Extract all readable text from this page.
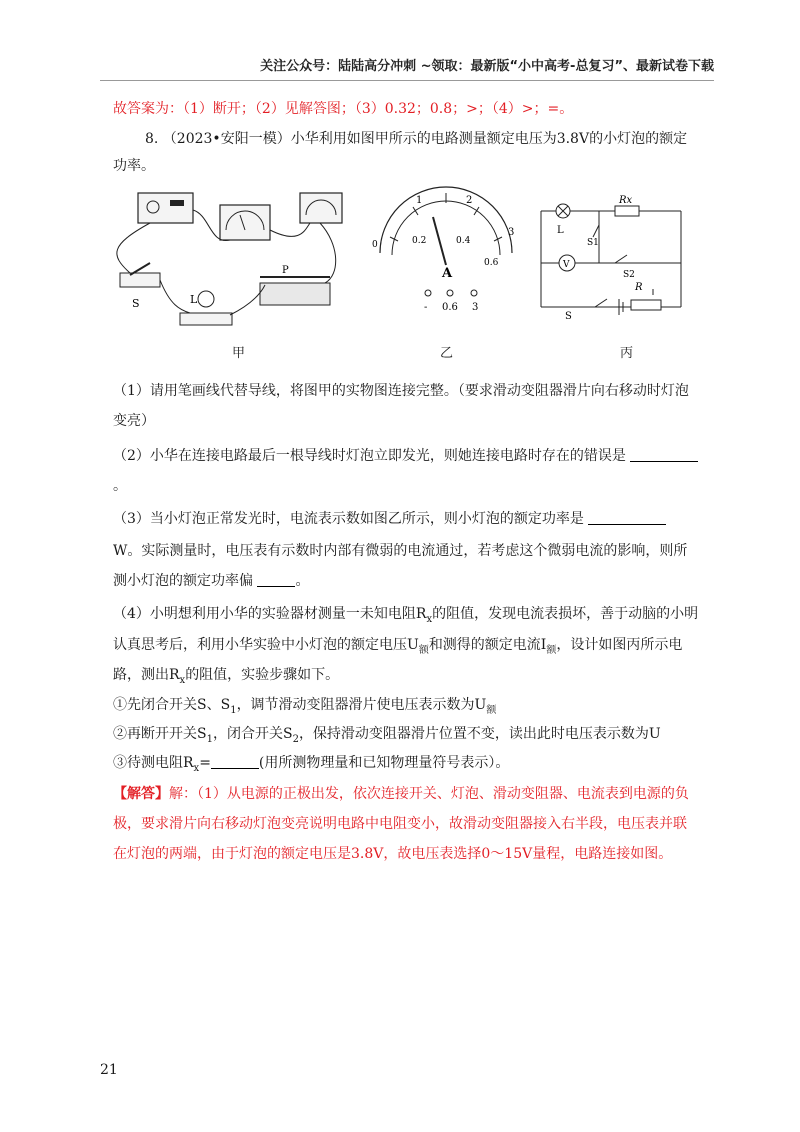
关注公众号：陆陆高分冲刺 ~领取：最新版“小中高考-总复习”、最新试卷下载
故答案为：（1）断开；（2）见解答图；（3）0.32；0.8；>；（4）>；=。
8. （2023•安阳一模）小华利用如图甲所示的电路测量额定电压为3.8V的小灯泡的额定
功率。
S	L
P
甲
1	2
3
0	0.2	0.4
0.6
A
- 0.6 3
乙
Rx
L
S1
V
S2
R
S
丙
（1）请用笔画线代替导线，将图甲的实物图连接完整。（要求滑动变阻器滑片向右移动时灯泡
变亮）
（2）小华在连接电路最后一根导线时灯泡立即发光，则她连接电路时存在的错误是
。
（3）当小灯泡正常发光时，电流表示数如图乙所示，则小灯泡的额定功率是
W。实际测量时，电压表有示数时内部有微弱的电流通过，若考虑这个微弱电流的影响，则所
测小灯泡的额定功率偏	。
（4）小明想利用小华的实验器材测量一未知电阻$R_x$的阻值，发现电流表损坏，善于动脑的小明
认真思考后，利用小华实验中小灯泡的额定电压$U_额$和测得的额定电流$I_额$，设计如图丙所示电
路，测出$R_x$的阻值，实验步骤如下。
①先闭合开关S、$S_1$，调节滑动变阻器滑片使电压表示数为$U_额$
②再断开开关$S_1$，闭合开关$S_2$，保持滑动变阻器滑片位置不变，读出此时电压表示数为U
③待测电阻$R_x=$	(用所测物理量和已知物理量符号表示）。
【解答】解：（1）从电源的正极出发，依次连接开关、灯泡、滑动变阻器、电流表到电源的负
极，要求滑片向右移动灯泡变亮说明电路中电阻变小，故滑动变阻器接入右半段，电压表并联
在灯泡的两端，由于灯泡的额定电压是3.8V，故电压表选择0～15V量程，电路连接如图。
21
